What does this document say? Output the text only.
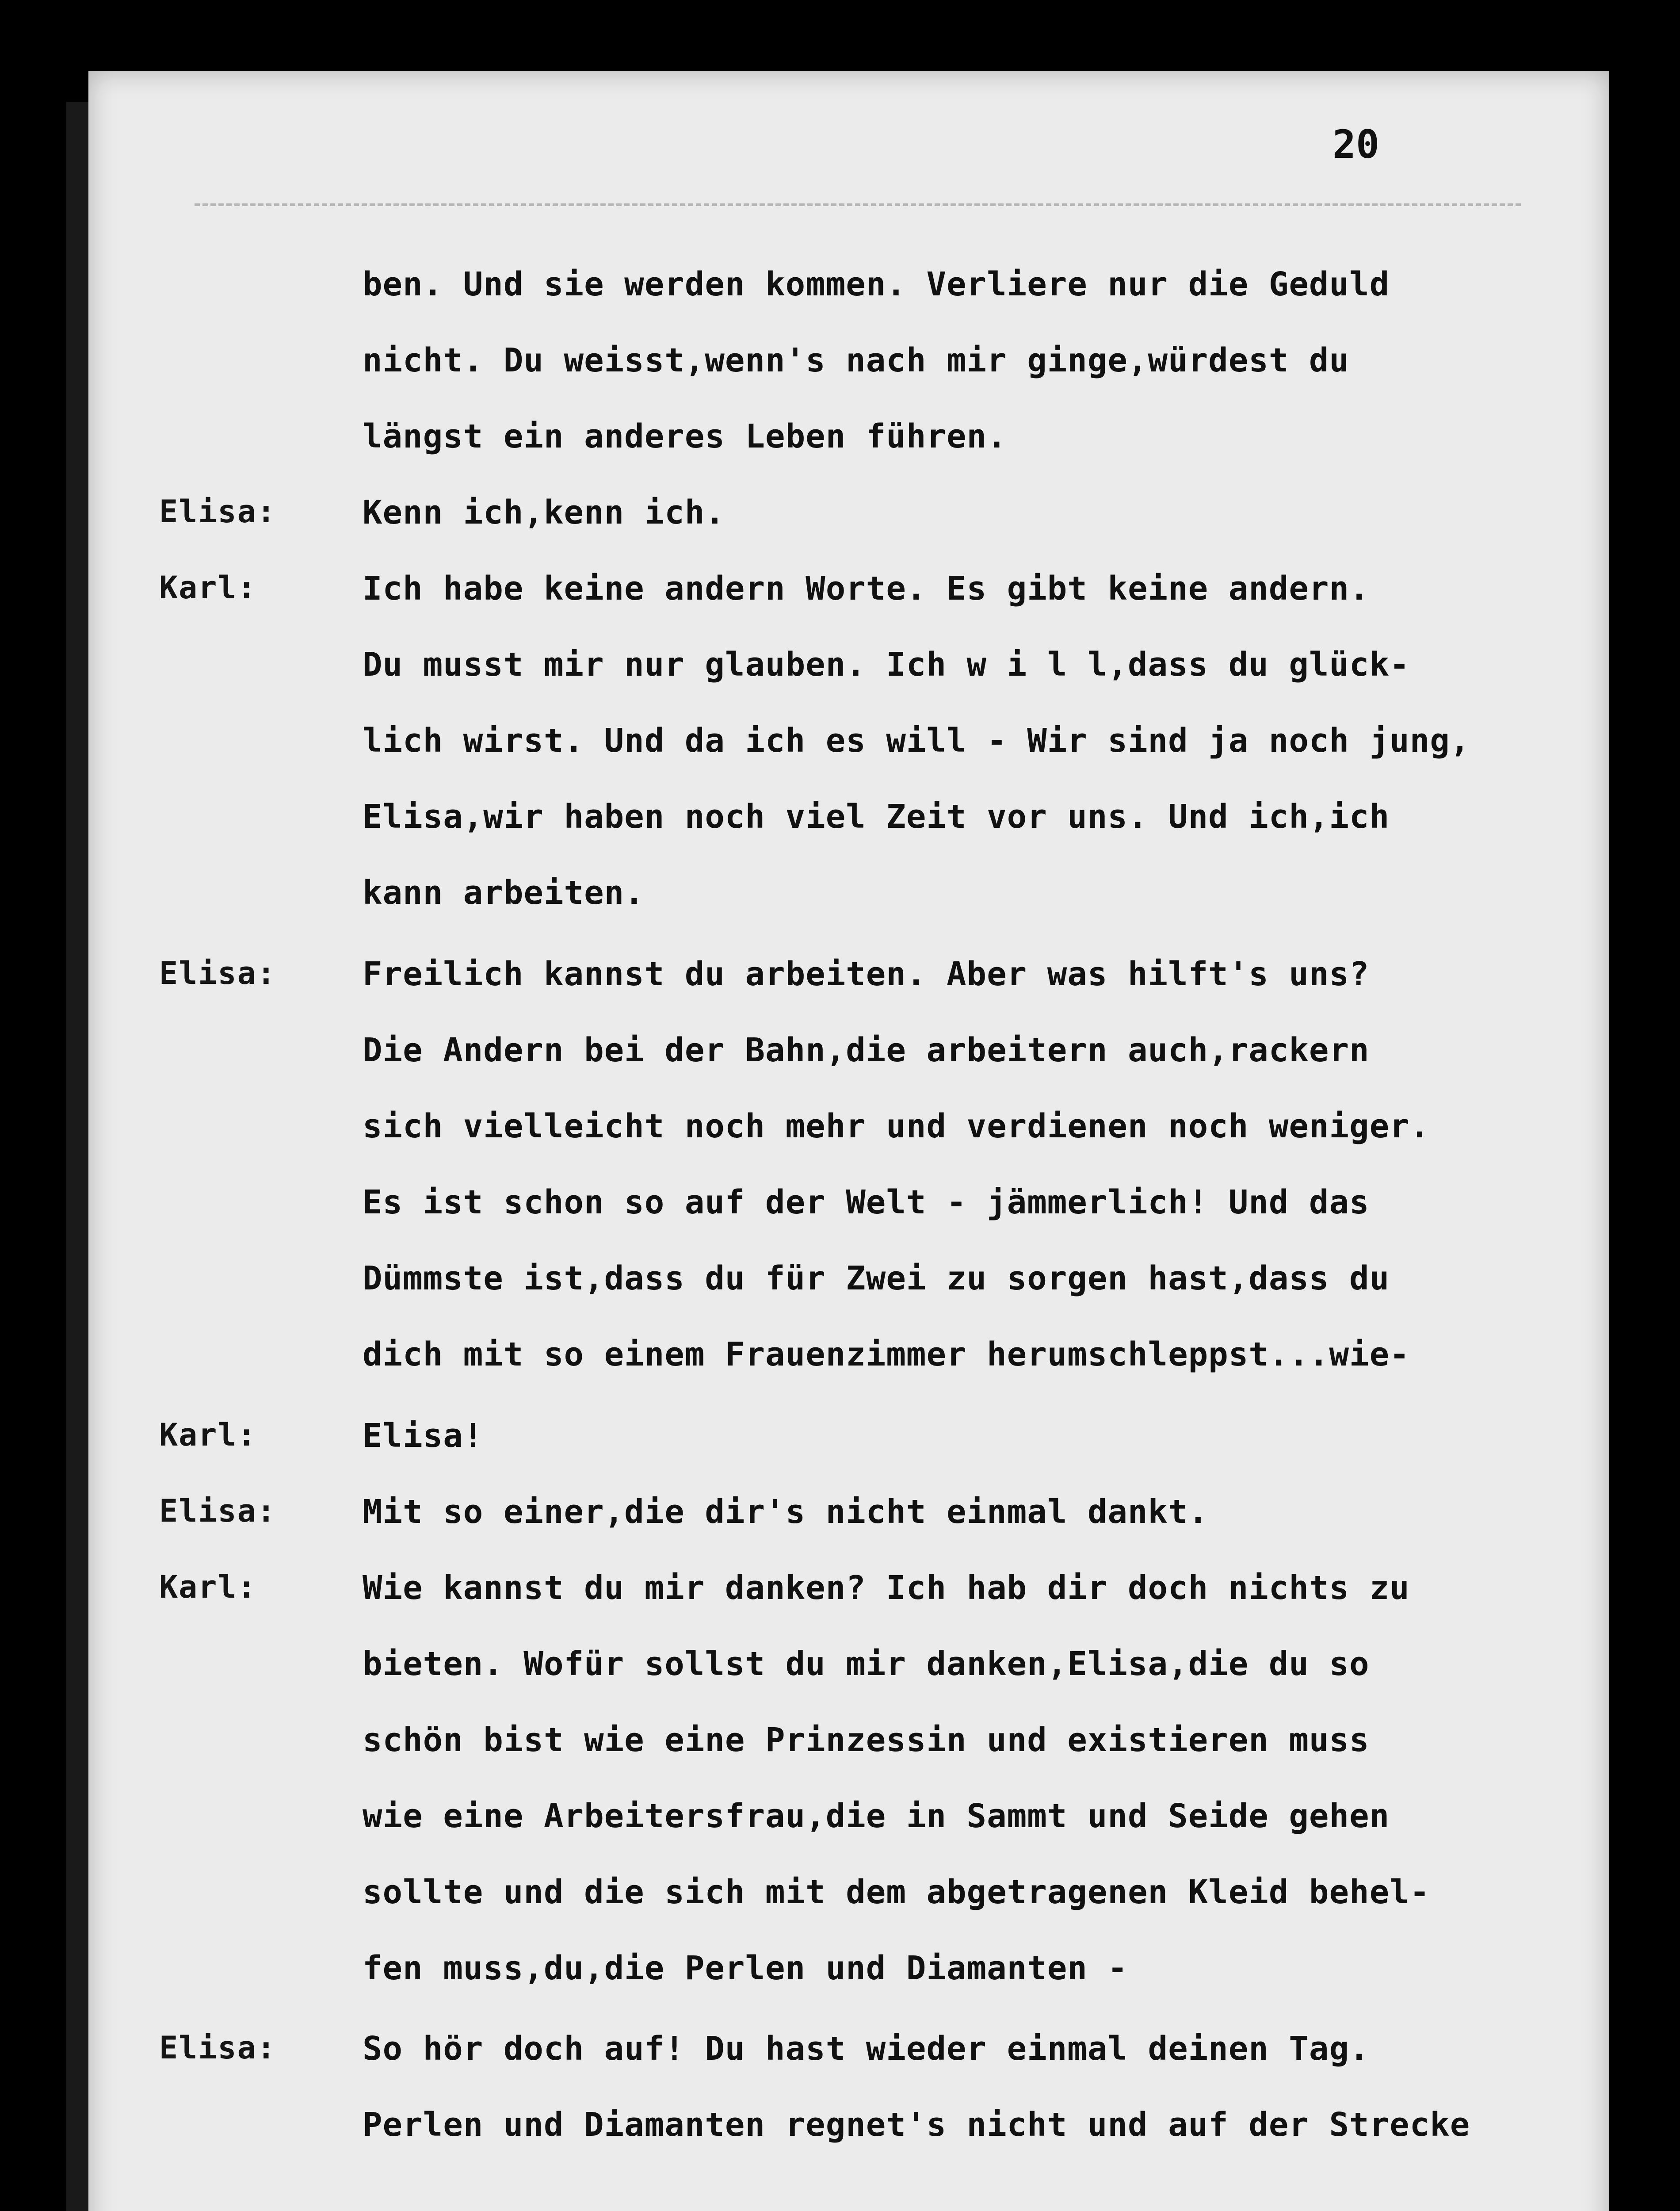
20
ben. Und sie werden kommen. Verliere nur die Geduld
nicht. Du weisst,wenn's nach mir ginge,würdest du
längst ein anderes Leben führen.
Elisa:	Kenn ich,kenn ich.
Karl:	Ich habe keine andern Worte. Es gibt keine andern.
Du musst mir nur glauben. Ich w i l l,dass du glück-
lich wirst. Und da ich es will - Wir sind ja noch jung,
Elisa,wir haben noch viel Zeit vor uns. Und ich,ich
kann arbeiten.
Elisa:	Freilich kannst du arbeiten. Aber was hilft's uns?
Die Andern bei der Bahn,die arbeitern auch,rackern
sich vielleicht noch mehr und verdienen noch weniger.
Es ist schon so auf der Welt - jämmerlich! Und das
Dümmste ist,dass du für Zwei zu sorgen hast,dass du
dich mit so einem Frauenzimmer herumschleppst...wie-
Karl:	Elisa!
Elisa:	Mit so einer,die dir's nicht einmal dankt.
Karl:	Wie kannst du mir danken? Ich hab dir doch nichts zu
bieten. Wofür sollst du mir danken,Elisa,die du so
schön bist wie eine Prinzessin und existieren muss
wie eine Arbeitersfrau,die in Sammt und Seide gehen
sollte und die sich mit dem abgetragenen Kleid behel-
fen muss,du,die Perlen und Diamanten -
Elisa:	So hör doch auf! Du hast wieder einmal deinen Tag.
Perlen und Diamanten regnet's nicht und auf der Strecke
